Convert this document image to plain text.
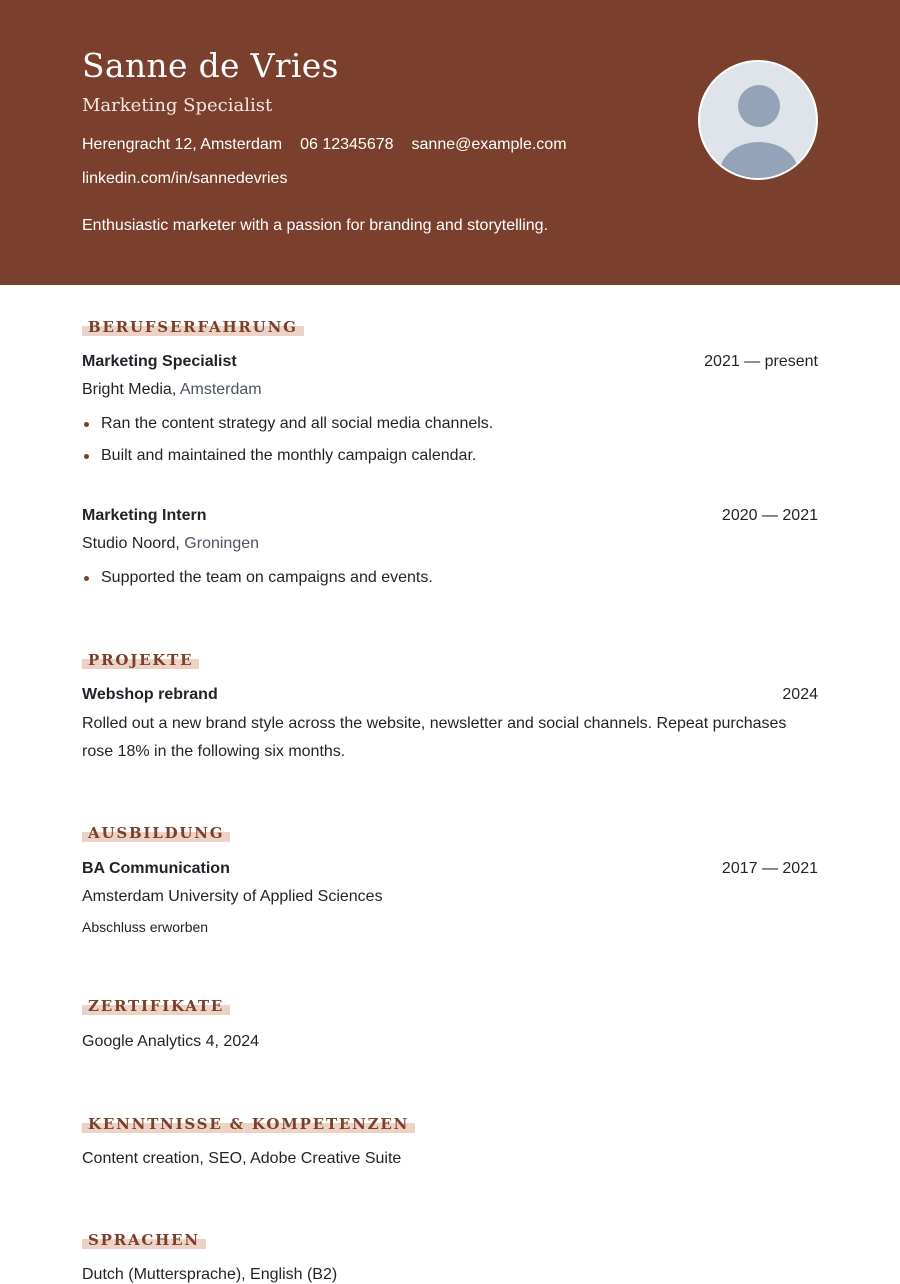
Sanne de Vries
Marketing Specialist
Herengracht 12, Amsterdam 06 12345678 sanne@example.com
linkedin.com/in/sannedevries
Enthusiastic marketer with a passion for branding and storytelling.
BERUFSERFAHRUNG
Marketing Specialist	2021 — present
Bright Media, Amsterdam
Ran the content strategy and all social media channels.
Built and maintained the monthly campaign calendar.
Marketing Intern	2020 — 2021
Studio Noord, Groningen
Supported the team on campaigns and events.
PROJEKTE
Webshop rebrand	2024
Rolled out a new brand style across the website, newsletter and social channels. Repeat purchases rose 18% in the following six months.
AUSBILDUNG
BA Communication	2017 — 2021
Amsterdam University of Applied Sciences
Abschluss erworben
ZERTIFIKATE
Google Analytics 4, 2024
KENNTNISSE & KOMPETENZEN
Content creation, SEO, Adobe Creative Suite
SPRACHEN
Dutch (Muttersprache), English (B2)
